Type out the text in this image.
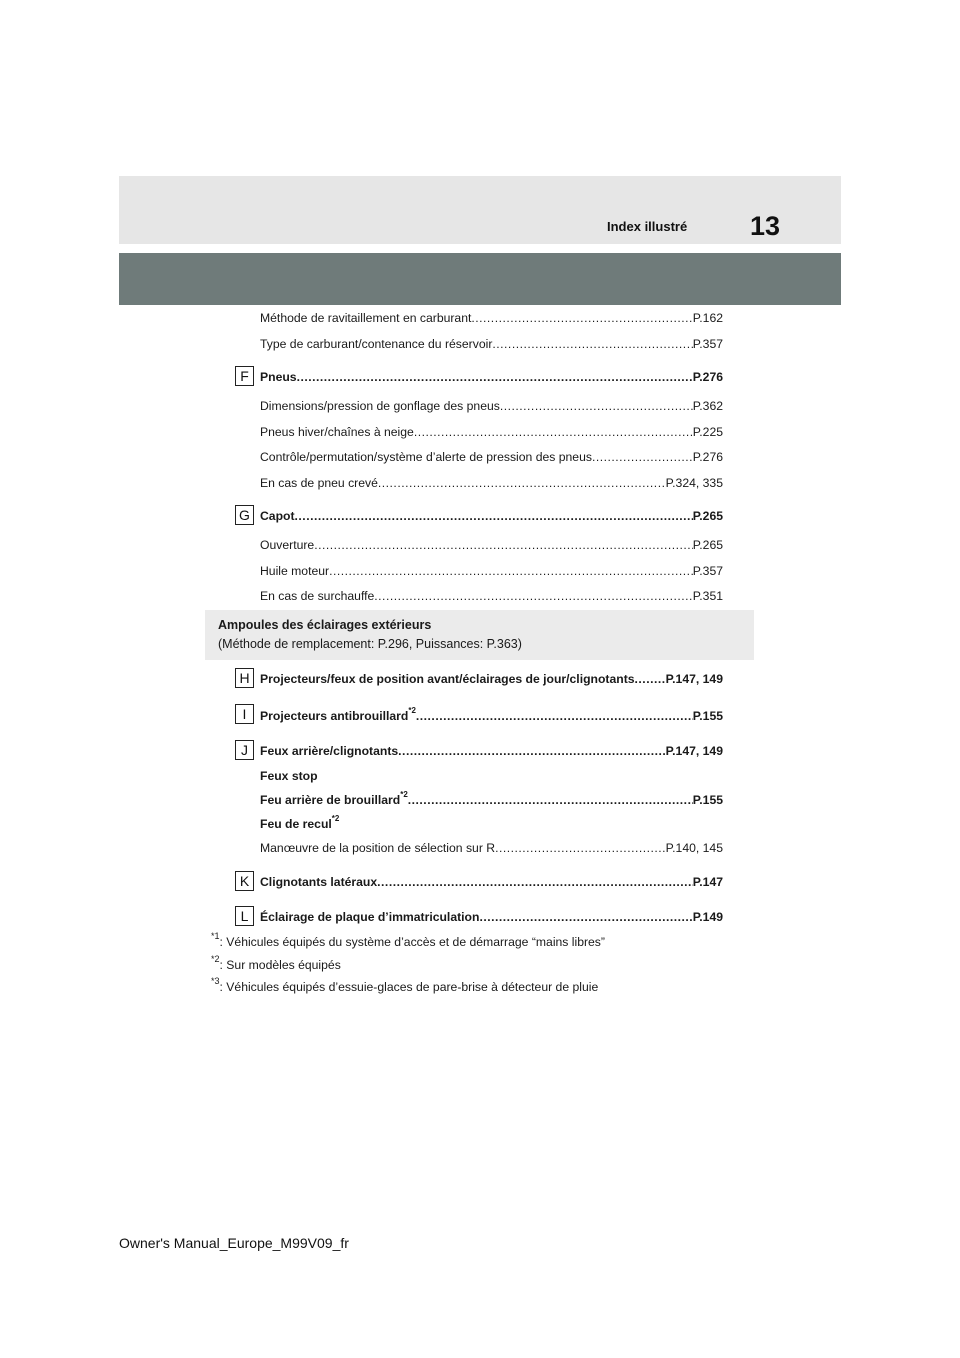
Index illustré	13
Méthode de ravitaillement en carburant .....	P.162
Type de carburant/contenance du réservoir .....	P.357
F Pneus .....	P.276
Dimensions/pression de gonflage des pneus .....	P.362
Pneus hiver/chaînes à neige .....	P.225
Contrôle/permutation/système d’alerte de pression des pneus .....	P.276
En cas de pneu crevé .....	P.324, 335
G Capot .....	P.265
Ouverture .....	P.265
Huile moteur .....	P.357
En cas de surchauffe .....	P.351
Ampoules des éclairages extérieurs
(Méthode de remplacement: P.296, Puissances: P.363)
H Projecteurs/feux de position avant/éclairages de jour/clignotants .....	P.147, 149
I	Projecteurs antibrouillard$^{*2}$ .....	P.155
J Feux arrière/clignotants .....	P.147, 149
Feux stop
Feu arrière de brouillard$^{*2}$ .....	P.155
Feu de recul$^{*2}$
Manœuvre de la position de sélection sur R .....	P.140, 145
K Clignotants latéraux .....	P.147
L Éclairage de plaque d’immatriculation .....	P.149
$^{*1}$: Véhicules équipés du système d’accès et de démarrage “mains libres”
$^{*2}$: Sur modèles équipés
$^{*3}$: Véhicules équipés d’essuie-glaces de pare-brise à détecteur de pluie
Owner's Manual_Europe_M99V09_fr
